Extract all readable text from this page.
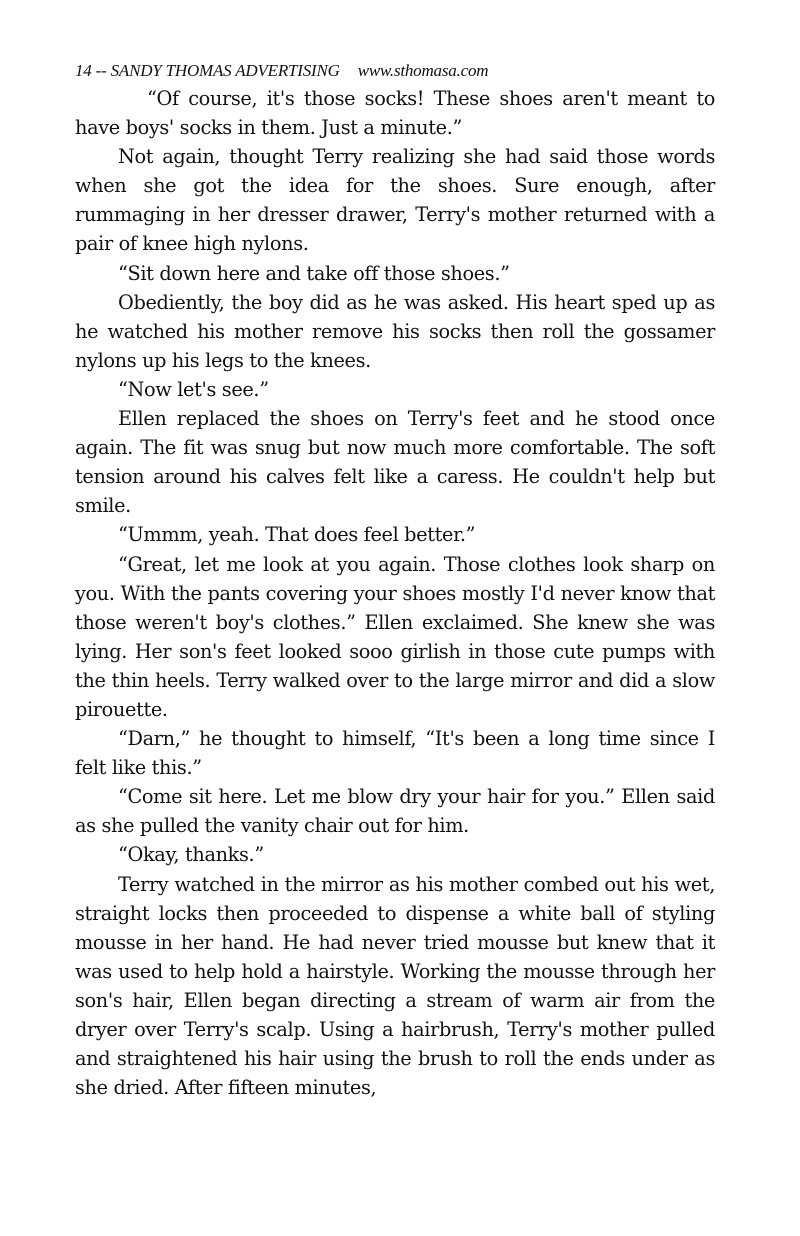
14 -- SANDY THOMAS ADVERTISING www.sthomasa.com

“Of course, it's those socks! These shoes aren't meant to have boys' socks in them. Just a minute.”

Not again, thought Terry realizing she had said those words when she got the idea for the shoes. Sure enough, after rummaging in her dresser drawer, Terry's mother returned with a pair of knee high nylons.

“Sit down here and take off those shoes.”

Obediently, the boy did as he was asked. His heart sped up as he watched his mother remove his socks then roll the gossamer nylons up his legs to the knees.

“Now let's see.”

Ellen replaced the shoes on Terry's feet and he stood once again. The fit was snug but now much more comfortable. The soft tension around his calves felt like a caress. He couldn't help but smile.

“Ummm, yeah. That does feel better.”

“Great, let me look at you again. Those clothes look sharp on you. With the pants covering your shoes mostly I'd never know that those weren't boy's clothes.” Ellen exclaimed. She knew she was lying. Her son's feet looked sooo girlish in those cute pumps with the thin heels. Terry walked over to the large mirror and did a slow pirouette.

“Darn,” he thought to himself, “It's been a long time since I felt like this.”

“Come sit here. Let me blow dry your hair for you.” Ellen said as she pulled the vanity chair out for him.

“Okay, thanks.”

Terry watched in the mirror as his mother combed out his wet, straight locks then proceeded to dispense a white ball of styling mousse in her hand. He had never tried mousse but knew that it was used to help hold a hairstyle. Working the mousse through her son's hair, Ellen began directing a stream of warm air from the dryer over Terry's scalp. Using a hairbrush, Terry's mother pulled and straightened his hair using the brush to roll the ends under as she dried. After fifteen minutes,
